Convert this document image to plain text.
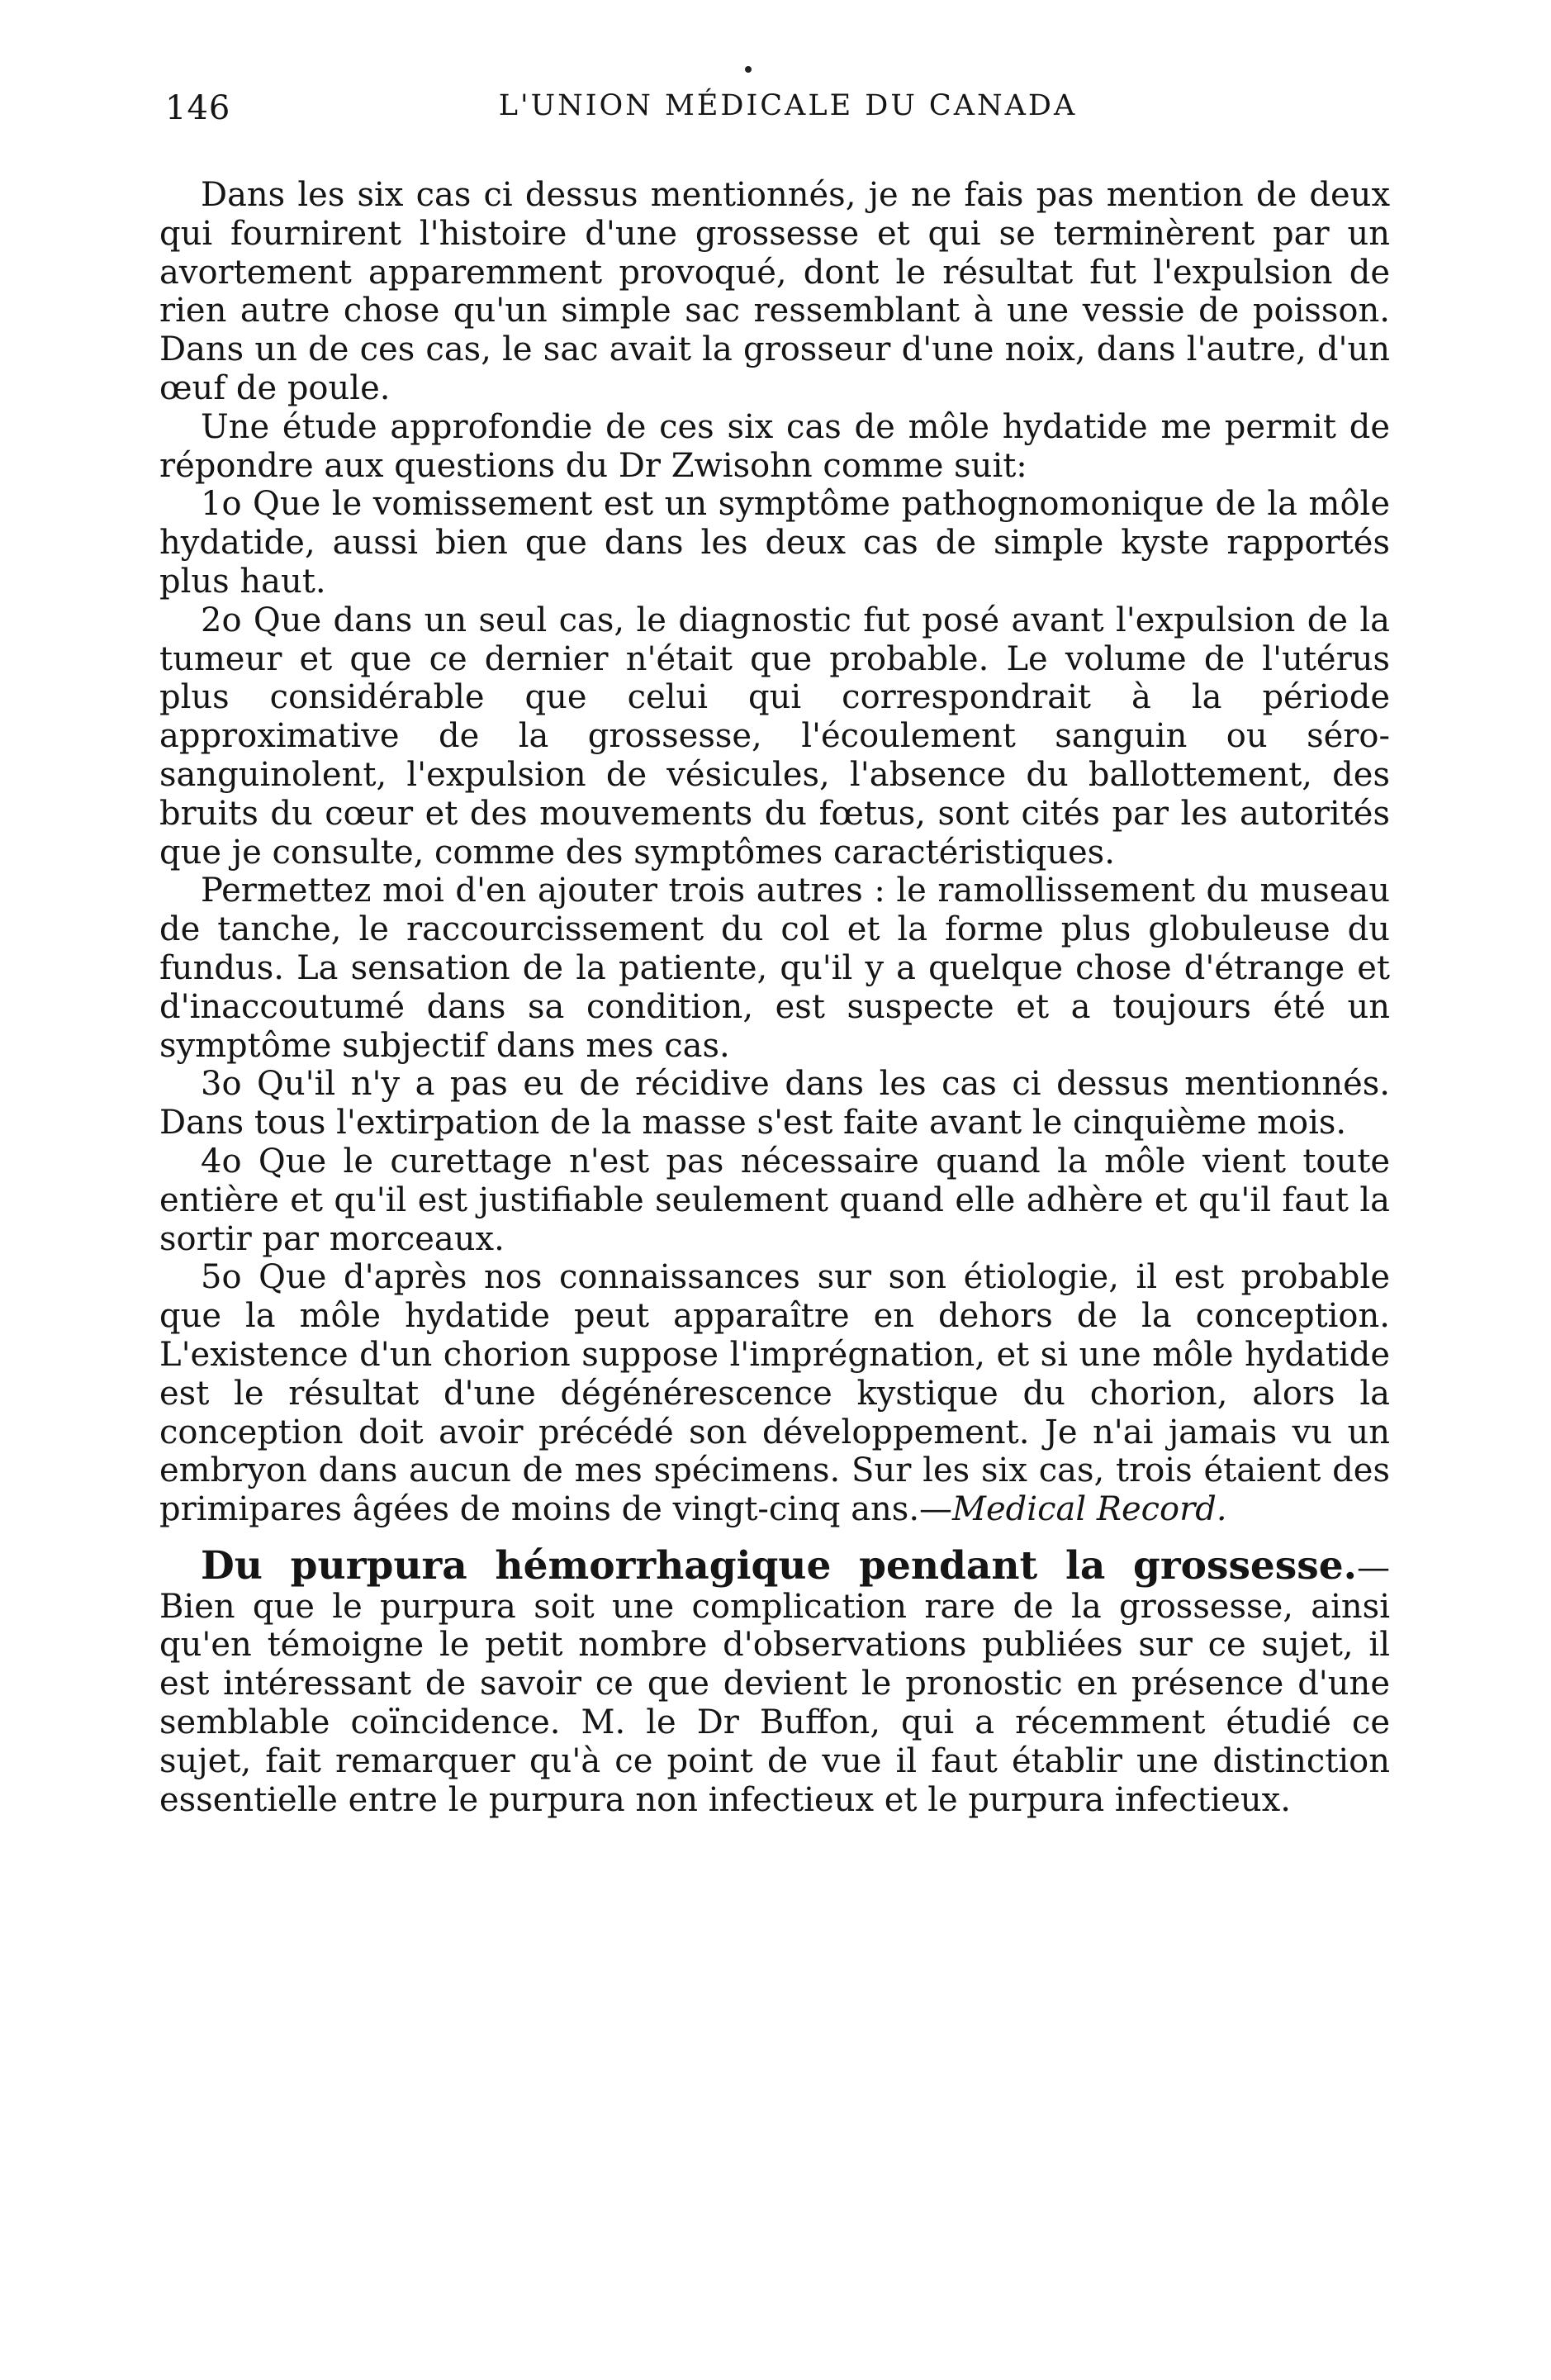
146	L'UNION MÉDICALE DU CANADA

Dans les six cas ci dessus mentionnés, je ne fais pas mention de deux qui fournirent l'histoire d'une grossesse et qui se terminèrent par un avortement apparemment provoqué, dont le résultat fut l'expulsion de rien autre chose qu'un simple sac ressemblant à une vessie de poisson. Dans un de ces cas, le sac avait la grosseur d'une noix, dans l'autre, d'un œuf de poule.

Une étude approfondie de ces six cas de môle hydatide me permit de répondre aux questions du Dr Zwisohn comme suit:

1o Que le vomissement est un symptôme pathognomonique de la môle hydatide, aussi bien que dans les deux cas de simple kyste rapportés plus haut.

2o Que dans un seul cas, le diagnostic fut posé avant l'expulsion de la tumeur et que ce dernier n'était que probable. Le volume de l'utérus plus considérable que celui qui correspondrait à la période approximative de la grossesse, l'écoulement sanguin ou séro-sanguinolent, l'expulsion de vésicules, l'absence du ballottement, des bruits du cœur et des mouvements du fœtus, sont cités par les autorités que je consulte, comme des symptômes caractéristiques.

Permettez moi d'en ajouter trois autres : le ramollissement du museau de tanche, le raccourcissement du col et la forme plus globuleuse du fundus. La sensation de la patiente, qu'il y a quelque chose d'étrange et d'inaccoutumé dans sa condition, est suspecte et a toujours été un symptôme subjectif dans mes cas.

3o Qu'il n'y a pas eu de récidive dans les cas ci dessus mentionnés. Dans tous l'extirpation de la masse s'est faite avant le cinquième mois.

4o Que le curettage n'est pas nécessaire quand la môle vient toute entière et qu'il est justifiable seulement quand elle adhère et qu'il faut la sortir par morceaux.

5o Que d'après nos connaissances sur son étiologie, il est probable que la môle hydatide peut apparaître en dehors de la conception. L'existence d'un chorion suppose l'imprégnation, et si une môle hydatide est le résultat d'une dégénérescence kystique du chorion, alors la conception doit avoir précédé son développement. Je n'ai jamais vu un embryon dans aucun de mes spécimens. Sur les six cas, trois étaient des primipares âgées de moins de vingt-cinq ans.—Medical Record.

Du purpura hémorrhagique pendant la grossesse.—Bien que le purpura soit une complication rare de la grossesse, ainsi qu'en témoigne le petit nombre d'observations publiées sur ce sujet, il est intéressant de savoir ce que devient le pronostic en présence d'une semblable coïncidence. M. le Dr Buffon, qui a récemment étudié ce sujet, fait remarquer qu'à ce point de vue il faut établir une distinction essentielle entre le purpura non infectieux et le purpura infectieux.
